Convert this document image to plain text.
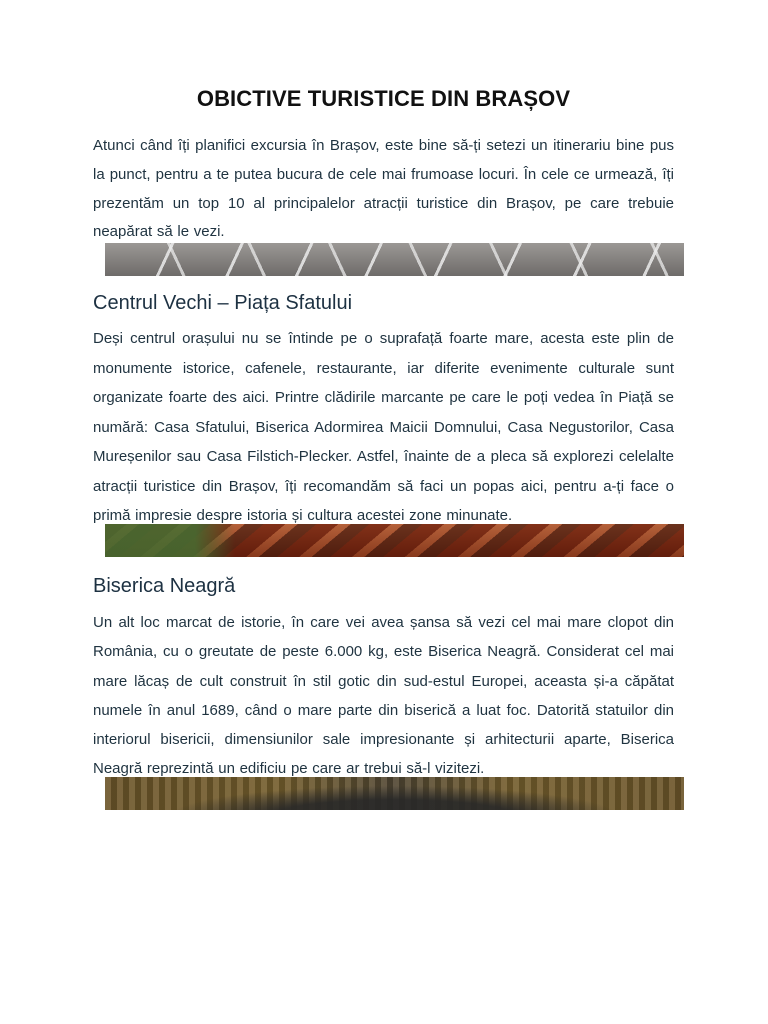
OBICTIVE TURISTICE DIN BRAȘOV

Atunci când îți planifici excursia în Brașov, este bine să-ți setezi un itinerariu bine pus la punct, pentru a te putea bucura de cele mai frumoase locuri. În cele ce urmează, îți prezentăm un top 10 al principalelor atracții turistice din Brașov, pe care trebuie neapărat să le vezi.

Centrul Vechi – Piața Sfatului

Deși centrul orașului nu se întinde pe o suprafață foarte mare, acesta este plin de monumente istorice, cafenele, restaurante, iar diferite evenimente culturale sunt organizate foarte des aici. Printre clădirile marcante pe care le poți vedea în Piață se numără: Casa Sfatului, Biserica Adormirea Maicii Domnului, Casa Negustorilor, Casa Mureșenilor sau Casa Filstich-Plecker. Astfel, înainte de a pleca să explorezi celelalte atracții turistice din Brașov, îți recomandăm să faci un popas aici, pentru a-ți face o primă impresie despre istoria și cultura acestei zone minunate.

Biserica Neagră

Un alt loc marcat de istorie, în care vei avea șansa să vezi cel mai mare clopot din România, cu o greutate de peste 6.000 kg, este Biserica Neagră. Considerat cel mai mare lăcaș de cult construit în stil gotic din sud-estul Europei, aceasta și-a căpătat numele în anul 1689, când o mare parte din biserică a luat foc. Datorită statuilor din interiorul bisericii, dimensiunilor sale impresionante și arhitecturii aparte, Biserica Neagră reprezintă un edificiu pe care ar trebui să-l vizitezi.
